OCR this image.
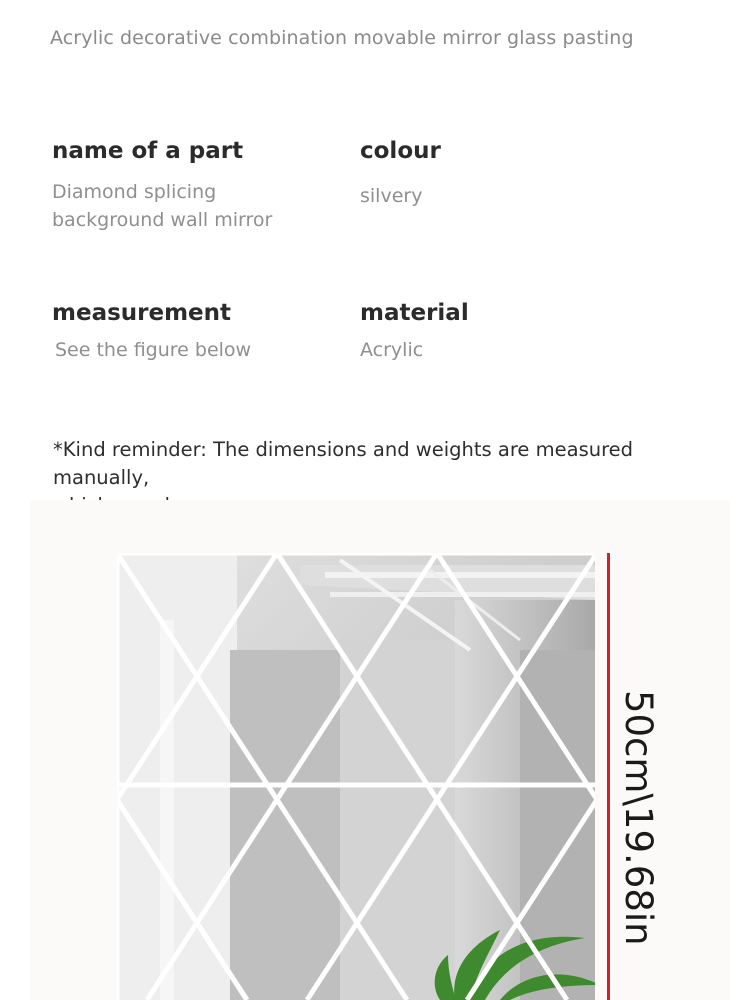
Acrylic decorative combination movable mirror glass pasting
name of a part
Diamond splicing
background wall mirror
colour
silvery
measurement
See the figure below
material
Acrylic
*Kind reminder: The dimensions and weights are measured manually,
50cm\19.68in
